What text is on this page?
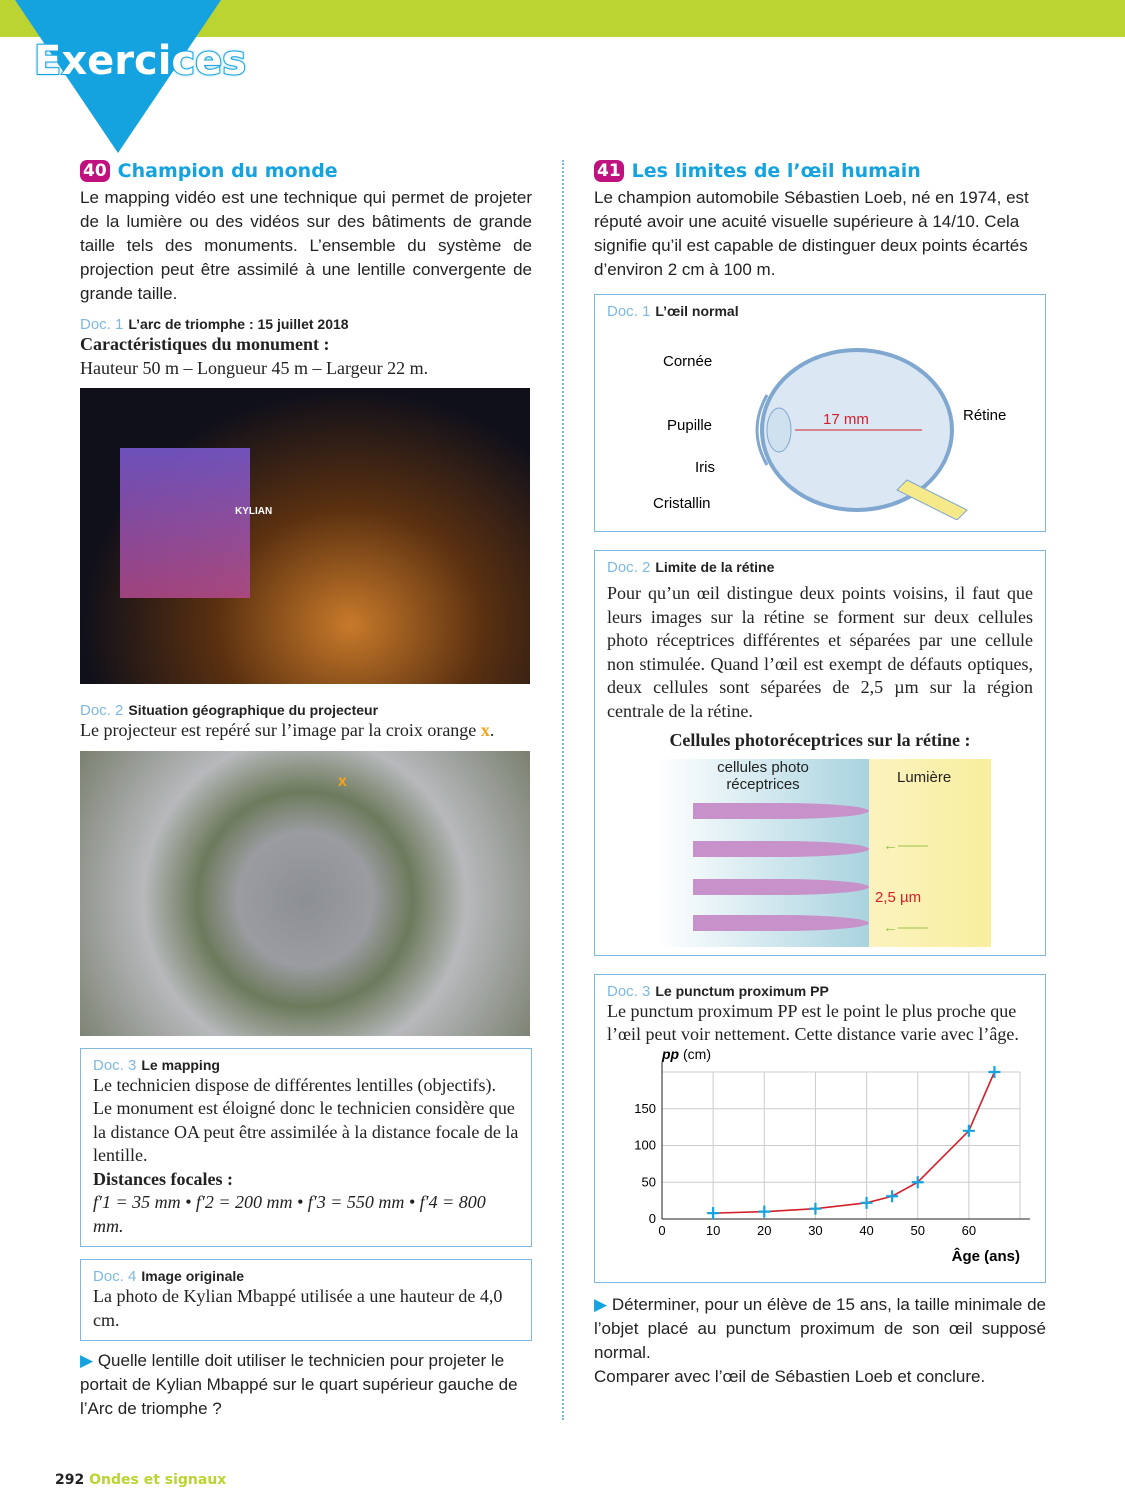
Exercices
40 Champion du monde

Le mapping vidéo est une technique qui permet de projeter de la lumière ou des vidéos sur des bâtiments de grande taille tels des monuments. L’ensemble du système de projection peut être assimilé à une lentille convergente de grande taille.

Doc. 1 L’arc de triomphe : 15 juillet 2018
Caractéristiques du monument :
Hauteur 50 m – Longueur 45 m – Largeur 22 m.
KYLIAN
Doc. 2 Situation géographique du projecteur
Le projecteur est repéré sur l’image par la croix orange x.
x
Doc. 3 Le mapping
Le technicien dispose de différentes lentilles (objectifs). Le monument est éloigné donc le technicien considère que la distance OA peut être assimilée à la distance focale de la lentille.
Distances focales :
f′1 = 35 mm • f′2 = 200 mm • f′3 = 550 mm • f′4 = 800 mm.
Doc. 4 Image originale
La photo de Kylian Mbappé utilisée a une hauteur de 4,0 cm.

▶ Quelle lentille doit utiliser le technicien pour projeter le portait de Kylian Mbappé sur le quart supérieur gauche de l’Arc de triomphe ?

41 Les limites de l’œil humain

Le champion automobile Sébastien Loeb, né en 1974, est réputé avoir une acuité visuelle supérieure à 14/10. Cela signifie qu’il est capable de distinguer deux points écartés d’environ 2 cm à 100 m.

Doc. 1 L’œil normal
17 mm
Cornée
Pupille
Iris
Cristallin
Rétine
Doc. 2 Limite de la rétine
Pour qu’un œil distingue deux points voisins, il faut que leurs images sur la rétine se forment sur deux cellules photo réceptrices différentes et séparées par une cellule non stimulée. Quand l’œil est exempt de défauts optiques, deux cellules sont séparées de 2,5 µm sur la région centrale de la rétine.
Cellules photoréceptrices sur la rétine :
cellules photo
réceptrices	Lumière
←——
2,5 µm
←——
Doc. 3 Le punctum proximum PP
Le punctum proximum PP est le point le plus proche que l’œil peut voir nettement. Cette distance varie avec l’âge.
0	10	20	30	40	50	60
0
50
100
150
pp (cm)
Âge (ans)

▶ Déterminer, pour un élève de 15 ans, la taille minimale de l’objet placé au punctum proximum de son œil supposé normal.

Comparer avec l’œil de Sébastien Loeb et conclure.

292 Ondes et signaux
